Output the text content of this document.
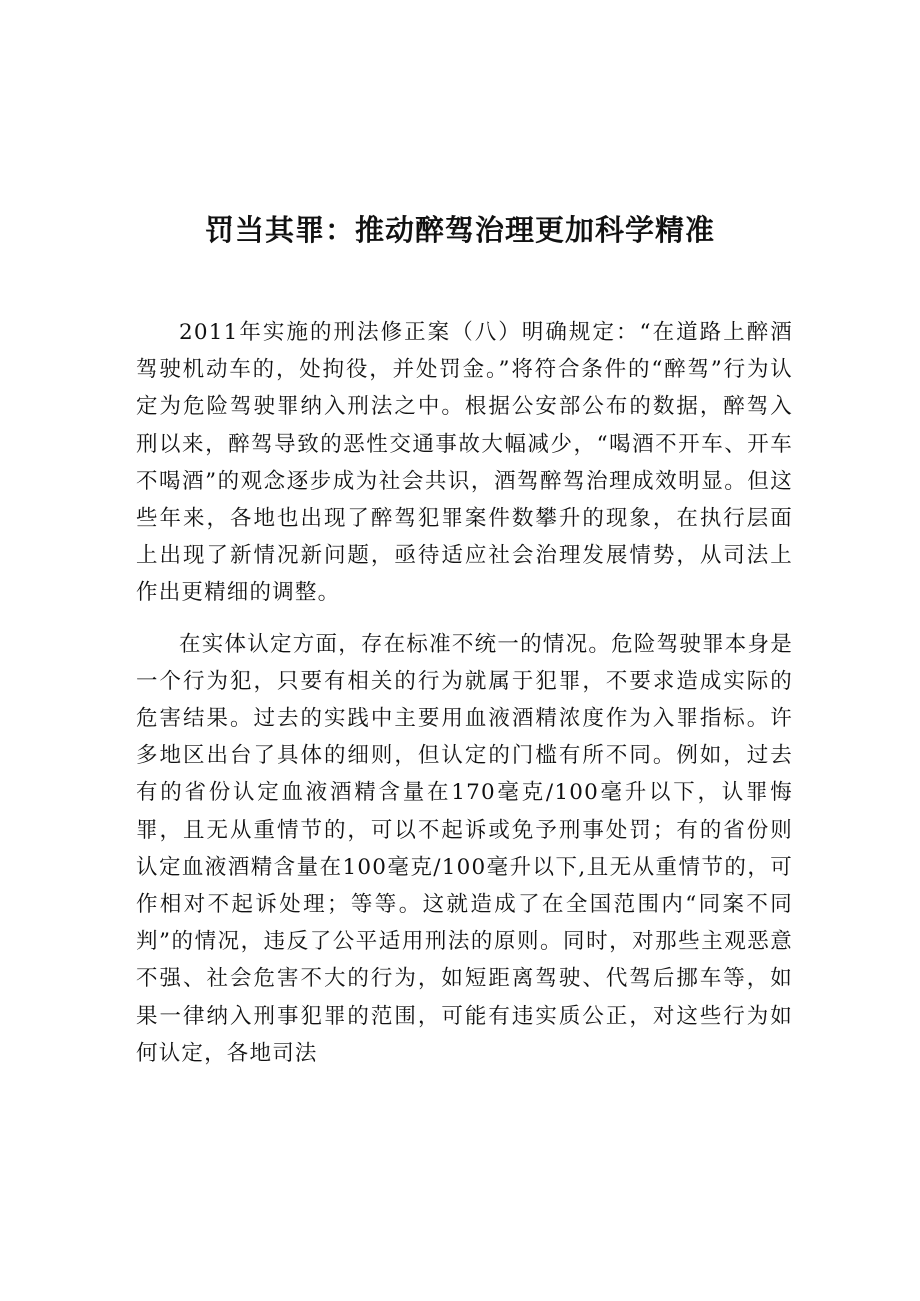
罚当其罪：推动醉驾治理更加科学精准

2011年实施的刑法修正案（八）明确规定：“在道路上醉酒驾驶机动车的，处拘役，并处罚金。”将符合条件的“醉驾”行为认定为危险驾驶罪纳入刑法之中。根据公安部公布的数据，醉驾入刑以来，醉驾导致的恶性交通事故大幅减少，“喝酒不开车、开车不喝酒”的观念逐步成为社会共识，酒驾醉驾治理成效明显。但这些年来，各地也出现了醉驾犯罪案件数攀升的现象，在执行层面上出现了新情况新问题，亟待适应社会治理发展情势，从司法上作出更精细的调整。

在实体认定方面，存在标准不统一的情况。危险驾驶罪本身是一个行为犯，只要有相关的行为就属于犯罪，不要求造成实际的危害结果。过去的实践中主要用血液酒精浓度作为入罪指标。许多地区出台了具体的细则，但认定的门槛有所不同。例如，过去有的省份认定血液酒精含量在170毫克/100毫升以下，认罪悔罪，且无从重情节的，可以不起诉或免予刑事处罚；有的省份则认定血液酒精含量在100毫克/100毫升以下,且无从重情节的，可作相对不起诉处理；等等。这就造成了在全国范围内“同案不同判”的情况，违反了公平适用刑法的原则。同时，对那些主观恶意不强、社会危害不大的行为，如短距离驾驶、代驾后挪车等，如果一律纳入刑事犯罪的范围，可能有违实质公正，对这些行为如何认定，各地司法
